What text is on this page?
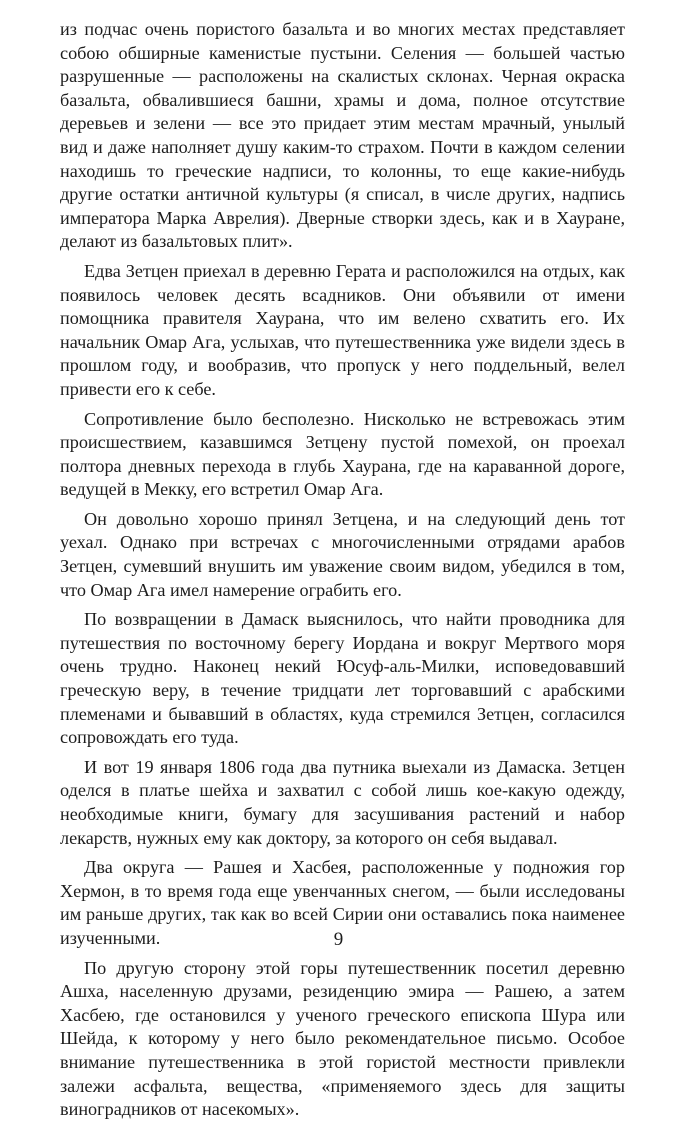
из подчас очень пористого базальта и во многих местах представляет собою обширные каменистые пустыни. Селения — большей частью разрушенные — расположены на скалистых склонах. Черная окраска базальта, обвалившиеся башни, храмы и дома, полное отсутствие деревьев и зелени — все это придает этим местам мрачный, унылый вид и даже наполняет душу каким-то страхом. Почти в каждом селении находишь то греческие надписи, то колонны, то еще какие-нибудь другие остатки античной культуры (я списал, в числе других, надпись императора Марка Аврелия). Дверные створки здесь, как и в Хауране, делают из базальтовых плит».

Едва Зетцен приехал в деревню Герата и расположился на отдых, как появилось человек десять всадников. Они объявили от имени помощника правителя Хаурана, что им велено схватить его. Их начальник Омар Ага, услыхав, что путешественника уже видели здесь в прошлом году, и вообразив, что пропуск у него поддельный, велел привести его к себе.

Сопротивление было бесполезно. Нисколько не встревожась этим происшествием, казавшимся Зетцену пустой помехой, он проехал полтора дневных перехода в глубь Хаурана, где на караванной дороге, ведущей в Мекку, его встретил Омар Ага.

Он довольно хорошо принял Зетцена, и на следующий день тот уехал. Однако при встречах с многочисленными отрядами арабов Зетцен, сумевший внушить им уважение своим видом, убедился в том, что Омар Ага имел намерение ограбить его.

По возвращении в Дамаск выяснилось, что найти проводника для путешествия по восточному берегу Иордана и вокруг Мертвого моря очень трудно. Наконец некий Юсуф-аль-Милки, исповедовавший греческую веру, в течение тридцати лет торговавший с арабскими племенами и бывавший в областях, куда стремился Зетцен, согласился сопровождать его туда.

И вот 19 января 1806 года два путника выехали из Дамаска. Зетцен оделся в платье шейха и захватил с собой лишь кое-какую одежду, необходимые книги, бумагу для засушивания растений и набор лекарств, нужных ему как доктору, за которого он себя выдавал.

Два округа — Рашея и Хасбея, расположенные у подножия гор Хермон, в то время года еще увенчанных снегом, — были исследованы им раньше других, так как во всей Сирии они оставались пока наименее изученными.

По другую сторону этой горы путешественник посетил деревню Ашха, населенную друзами, резиденцию эмира — Рашею, а затем Хасбею, где остановился у ученого греческого епископа Шура или Шейда, к которому у него было рекомендательное письмо. Особое внимание путешественника в этой гористой местности привлекли залежи асфальта, вещества, «применяемого здесь для защиты виноградников от насекомых».

9
